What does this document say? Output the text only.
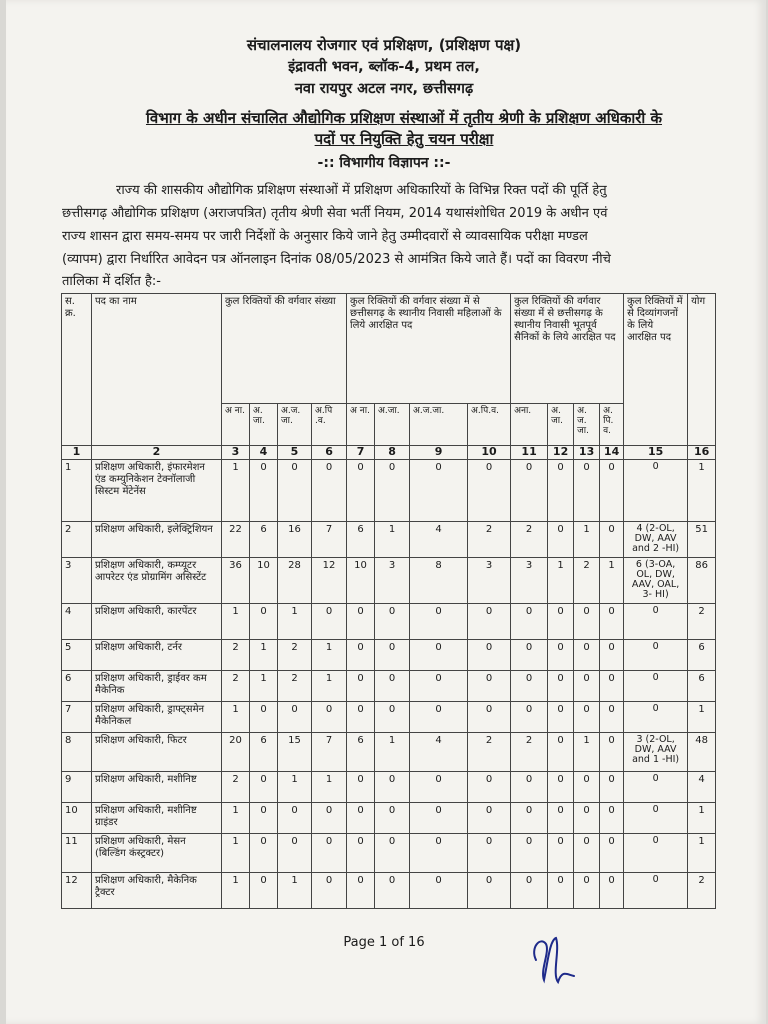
संचालनालय रोजगार एवं प्रशिक्षण, (प्रशिक्षण पक्ष)
इंद्रावती भवन, ब्लॉक-4, प्रथम तल,
नवा रायपुर अटल नगर, छत्तीसगढ़
विभाग के अधीन संचालित औद्योगिक प्रशिक्षण संस्थाओं में तृतीय श्रेणी के प्रशिक्षण अधिकारी के
पदों पर नियुक्ति हेतु चयन परीक्षा
-:: विभागीय विज्ञापन ::-
राज्य की शासकीय औद्योगिक प्रशिक्षण संस्थाओं में प्रशिक्षण अधिकारियों के विभिन्न रिक्त पदों की पूर्ति हेतु
छत्तीसगढ़ औद्योगिक प्रशिक्षण (अराजपत्रित) तृतीय श्रेणी सेवा भर्ती नियम, 2014 यथासंशोधित 2019 के अधीन एवं
राज्य शासन द्वारा समय-समय पर जारी निर्देशों के अनुसार किये जाने हेतु उम्मीदवारों से व्यावसायिक परीक्षा मण्डल
(व्यापम) द्वारा निर्धारित आवेदन पत्र ऑनलाइन दिनांक 08/05/2023 से आमंत्रित किये जाते हैं। पदों का विवरण नीचे
तालिका में दर्शित है:-
स. क्र.	पद का नाम	कुल रिक्तियों की वर्गवार संख्या				कुल रिक्तियों की वर्गवार संख्या में से छत्तीसगढ़ के स्थानीय निवासी महिलाओं के लिये आरक्षित पद				कुल रिक्तियों की वर्गवार संख्या में से छत्तीसगढ़ के स्थानीय निवासी भूतपूर्व सैनिकों के लिये आरक्षित पद				कुल रिक्तियों में से दिव्यांगजनों के लिये आरक्षित पद	योग
		अ ना.	अ. जा.	अ.ज. जा.	अ.पि .व.	अ ना.	अ.जा.	अ.ज.जा.	अ.पि.व.	अना.	अ. जा.	अ. ज. जा.	अ. पि. व.		
1	2	3	4	5	6	7	8	9	10	11	12	13	14	15	16
1	प्रशिक्षण अधिकारी, इंफारमेशन एंड कम्युनिकेशन टेक्नॉलाजी सिस्टम मेंटेनेंस	1	0	0	0	0	0	0	0	0	0	0	0	0	1
2	प्रशिक्षण अधिकारी, इलेक्ट्रिशियन	22	6	16	7	6	1	4	2	2	0	1	0	4 (2-OL, DW, AAV and 2 -HI)	51
3	प्रशिक्षण अधिकारी, कम्प्यूटर आपरेटर एंड प्रोग्रामिंग असिस्टेंट	36	10	28	12	10	3	8	3	3	1	2	1	6 (3-OA, OL, DW, AAV, OAL, 3- HI)	86
4	प्रशिक्षण अधिकारी, कारपेंटर	1	0	1	0	0	0	0	0	0	0	0	0	0	2
5	प्रशिक्षण अधिकारी, टर्नर	2	1	2	1	0	0	0	0	0	0	0	0	0	6
6	प्रशिक्षण अधिकारी, ड्राईवर कम मैकेनिक	2	1	2	1	0	0	0	0	0	0	0	0	0	6
7	प्रशिक्षण अधिकारी, ड्राफ्ट्समेन मैकेनिकल	1	0	0	0	0	0	0	0	0	0	0	0	0	1
8	प्रशिक्षण अधिकारी, फिटर	20	6	15	7	6	1	4	2	2	0	1	0	3 (2-OL, DW, AAV and 1 -HI)	48
9	प्रशिक्षण अधिकारी, मशीनिष्ट	2	0	1	1	0	0	0	0	0	0	0	0	0	4
10	प्रशिक्षण अधिकारी, मशीनिष्ट ग्राइंडर	1	0	0	0	0	0	0	0	0	0	0	0	0	1
11	प्रशिक्षण अधिकारी, मेसन (बिल्डिंग कंस्ट्रक्टर)	1	0	0	0	0	0	0	0	0	0	0	0	0	1
12	प्रशिक्षण अधिकारी, मैकेनिक ट्रैक्टर	1	0	1	0	0	0	0	0	0	0	0	0	0	2
Page 1 of 16
